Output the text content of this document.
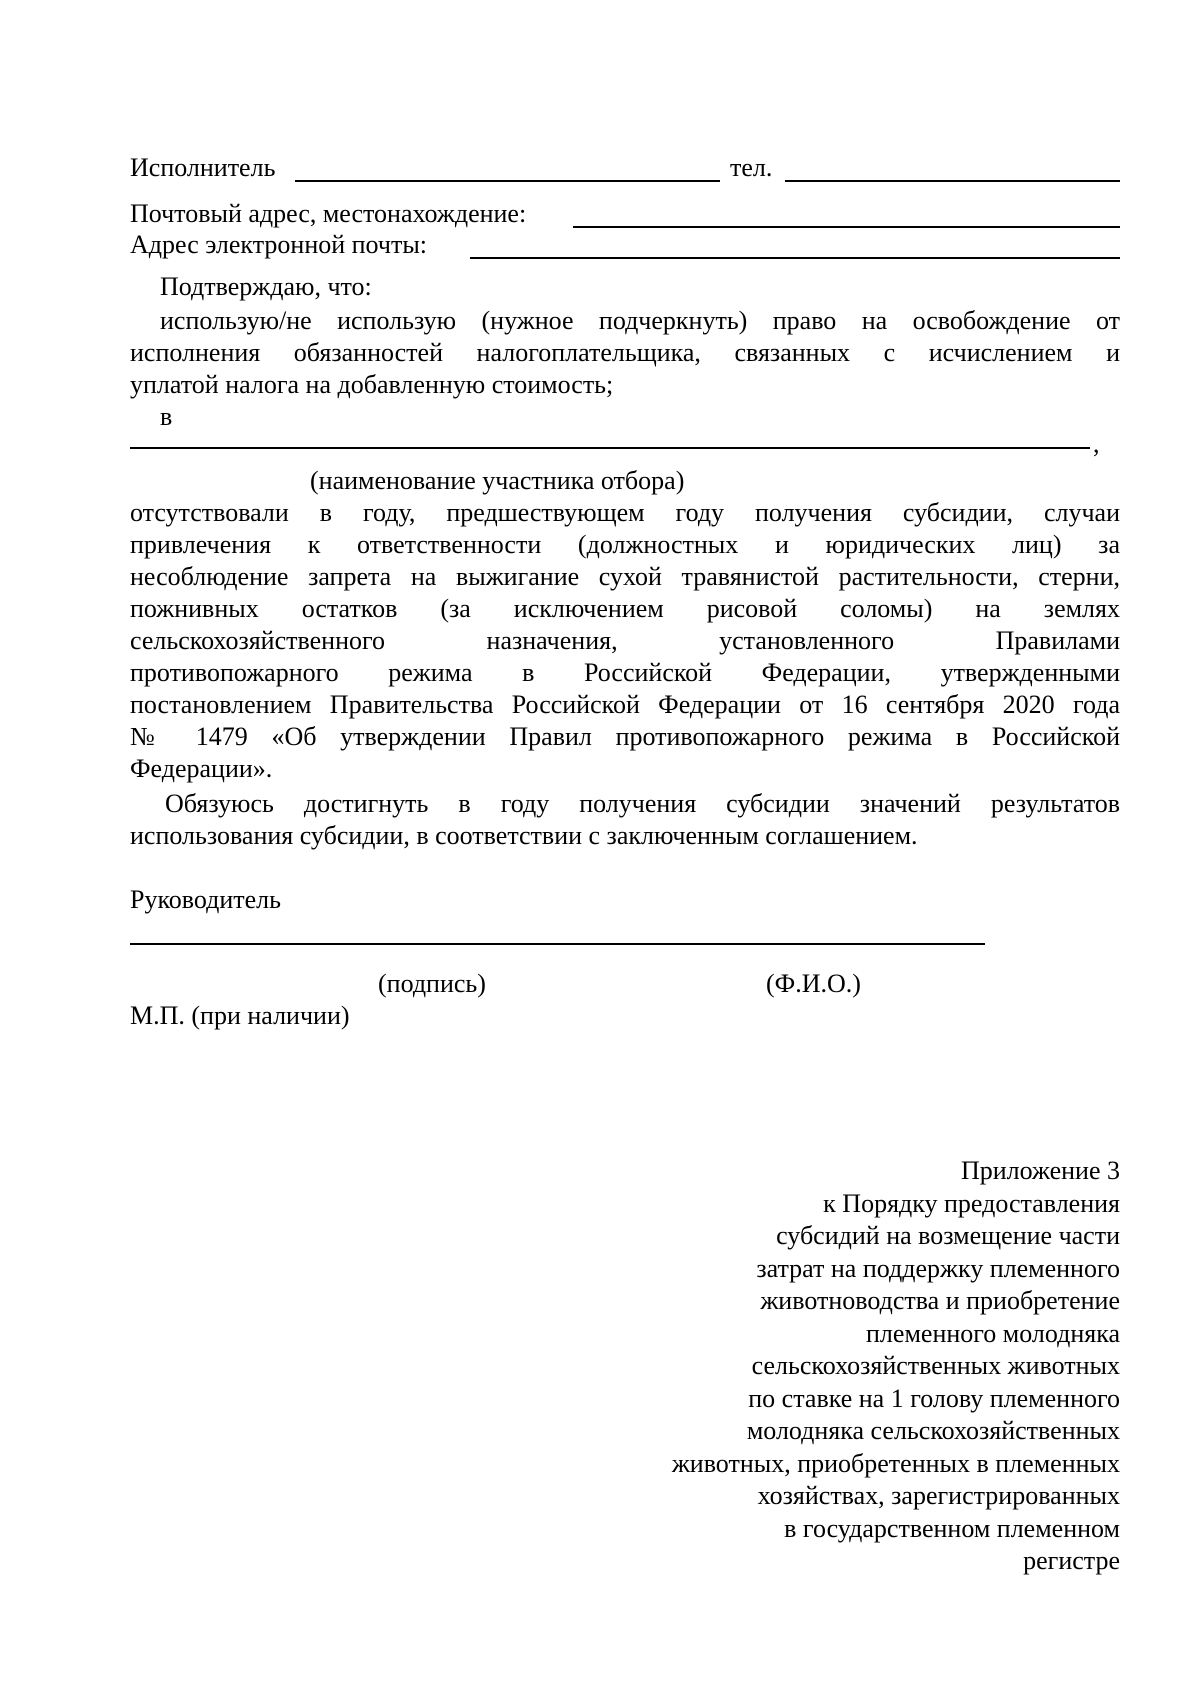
Исполнитель	тел.
Почтовый адрес, местонахождение:
Адрес электронной почты:
Подтверждаю, что:
использую/не использую (нужное подчеркнуть) право на освобождение от
исполнения обязанностей налогоплательщика, связанных с исчислением и
уплатой налога на добавленную стоимость;
в
,
(наименование участника отбора)
отсутствовали в году, предшествующем году получения субсидии, случаи
привлечения к ответственности (должностных и юридических лиц) за
несоблюдение запрета на выжигание сухой травянистой растительности, стерни,
пожнивных остатков (за исключением рисовой соломы) на землях
сельскохозяйственного назначения, установленного Правилами
противопожарного режима в Российской Федерации, утвержденными
постановлением Правительства Российской Федерации от 16 сентября 2020 года
№ 1479 «Об утверждении Правил противопожарного режима в Российской
Федерации».
Обязуюсь достигнуть в году получения субсидии значений результатов
использования субсидии, в соответствии с заключенным соглашением.
Руководитель
(подпись)	(Ф.И.О.)
М.П. (при наличии)
Приложение 3
к Порядку предоставления
субсидий на возмещение части
затрат на поддержку племенного
животноводства и приобретение
племенного молодняка
сельскохозяйственных животных
по ставке на 1 голову племенного
молодняка сельскохозяйственных
животных, приобретенных в племенных
хозяйствах, зарегистрированных
в государственном племенном
регистре
